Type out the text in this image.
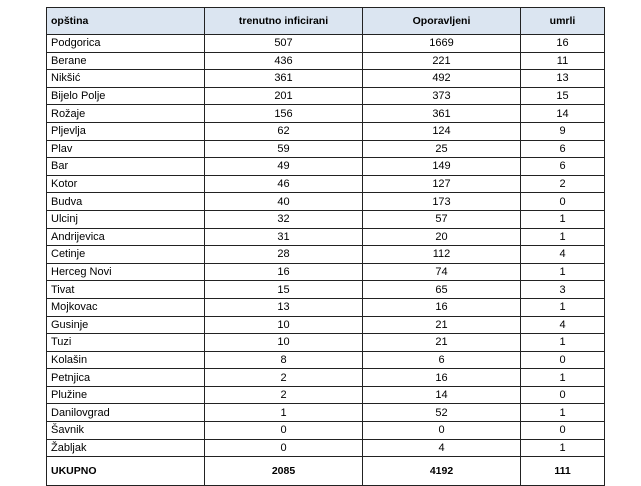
opština	trenutno inficirani	Oporavljeni	umrli
Podgorica	507	1669	16
Berane	436	221	11
Nikšić	361	492	13
Bijelo Polje	201	373	15
Rožaje	156	361	14
Pljevlja	62	124	9
Plav	59	25	6
Bar	49	149	6
Kotor	46	127	2
Budva	40	173	0
Ulcinj	32	57	1
Andrijevica	31	20	1
Cetinje	28	112	4
Herceg Novi	16	74	1
Tivat	15	65	3
Mojkovac	13	16	1
Gusinje	10	21	4
Tuzi	10	21	1
Kolašin	8	6	0
Petnjica	2	16	1
Plužine	2	14	0
Danilovgrad	1	52	1
Šavnik	0	0	0
Žabljak	0	4	1
UKUPNO	2085	4192	111
